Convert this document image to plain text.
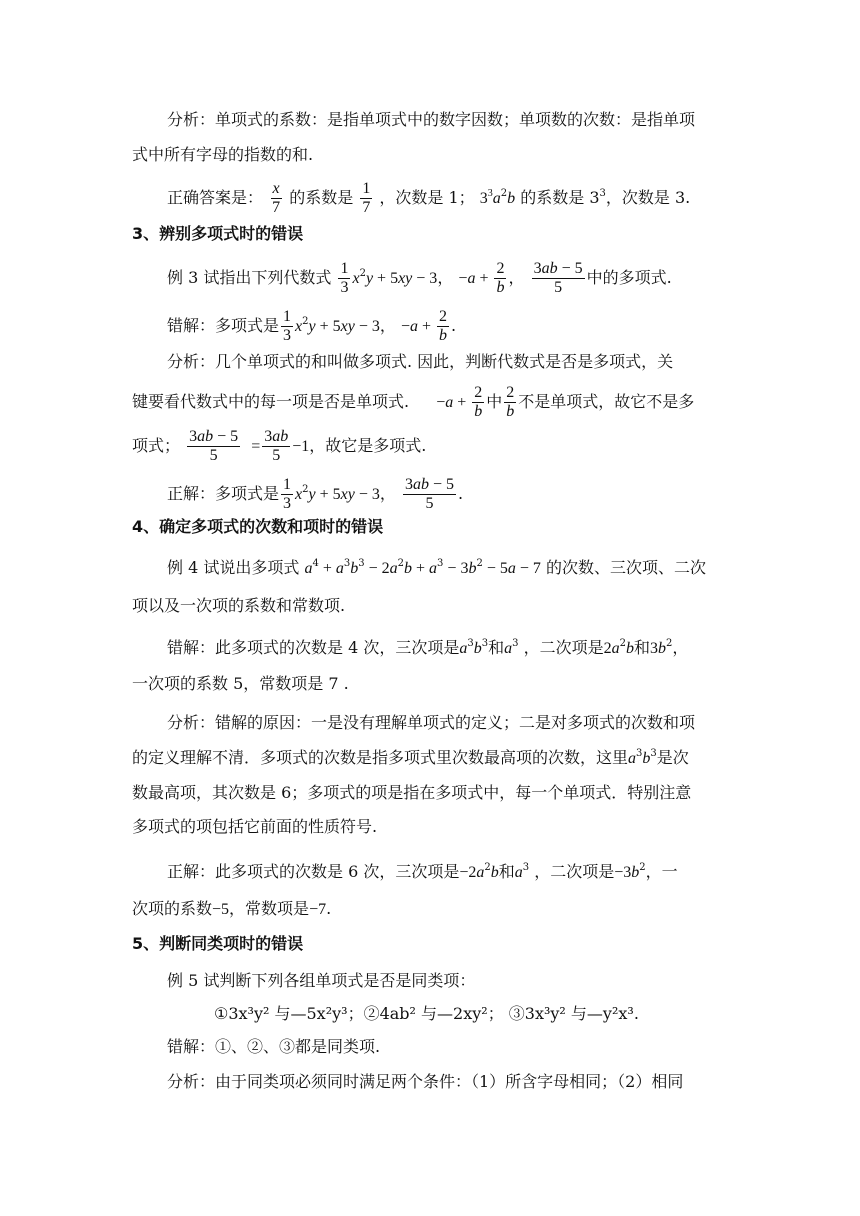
分析：单项式的系数：是指单项式中的数字因数；单项数的次数：是指单项
式中所有字母的指数的和.
正确答案是： $\frac{x}{7}$ 的系数是 $\frac{1}{7}$ ，次数是 1； $3^3a^2b$ 的系数是 $3^3$，次数是 3.
3、辨别多项式时的错误
例 3 试指出下列代数式 $\frac{1}{3} x^2y + 5xy - 3$， $-a + \frac{2}{b}$ ， $\frac{3ab - 5}{5}$ 中的多项式.
错解：多项式是 $\frac{1}{3} x^2y + 5xy - 3$， $-a + \frac{2}{b}$ .
分析：几个单项式的和叫做多项式. 因此，判断代数式是否是多项式，关
键要看代数式中的每一项是否是单项式. $-a + \frac{2}{b}$ 中 $\frac{2}{b}$ 不是单项式，故它不是多
项式； $\frac{3ab - 5}{5} = \frac{3ab}{5} -1$，故它是多项式.
正解：多项式是 $\frac{1}{3} x^2y + 5xy - 3$， $\frac{3ab - 5}{5}$ .
4、确定多项式的次数和项时的错误
例 4 试说出多项式 $a^4 + a^3b^3 - 2a^2b + a^3 - 3b^2 - 5a - 7$ 的次数、三次项、二次
项以及一次项的系数和常数项.
错解：此多项式的次数是 4 次，三次项是$a^3b^3$和$a^3$ ，二次项是$2a^2b$和$3b^2$，
一次项的系数 5，常数项是 7 .
分析：错解的原因：一是没有理解单项式的定义；二是对多项式的次数和项
的定义理解不清．多项式的次数是指多项式里次数最高项的次数，这里$a^3b^3$是次
数最高项，其次数是 6；多项式的项是指在多项式中，每一个单项式．特别注意
多项式的项包括它前面的性质符号.
正解：此多项式的次数是 6 次，三次项是$-2a^2b$和$a^3$ ，二次项是$-3b^2$，一
次项的系数−5，常数项是−7.
5、判断同类项时的错误
例 5 试判断下列各组单项式是否是同类项：
①3x³y² 与—5x²y³；②4ab² 与—2xy²； ③3x³y² 与—y²x³.
错解：①、②、③都是同类项.
分析：由于同类项必须同时满足两个条件：（1）所含字母相同；（2）相同
